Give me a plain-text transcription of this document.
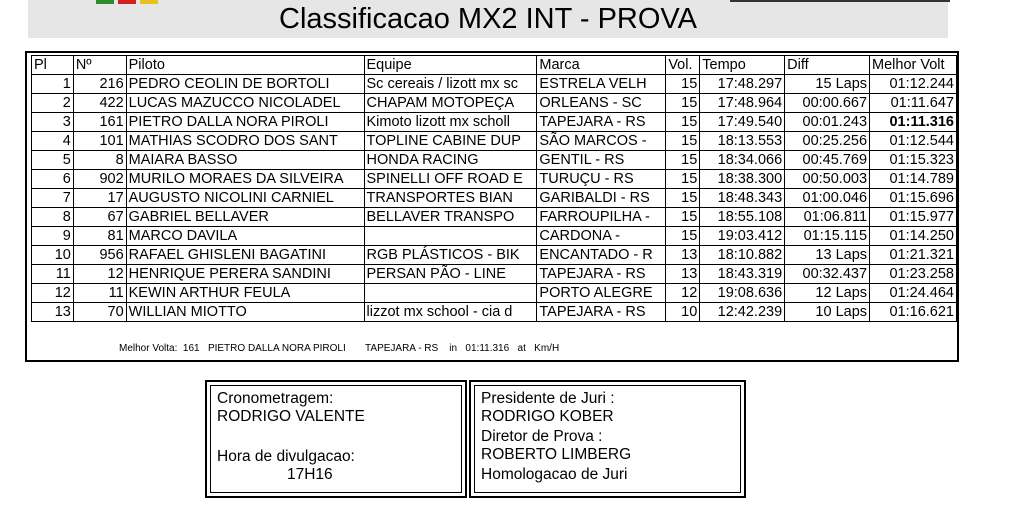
Classificacao MX2 INT - PROVA
Pl	Nº	Piloto	Equipe	Marca	Vol.	Tempo	Diff	Melhor Volt
1	216	PEDRO CEOLIN DE BORTOLI	Sc cereais / lizott mx sc	ESTRELA VELH	15	17:48.297	15 Laps	01:12.244
2	422	LUCAS MAZUCCO NICOLADEL	CHAPAM MOTOPEÇA	ORLEANS - SC	15	17:48.964	00:00.667	01:11.647
3	161	PIETRO DALLA NORA PIROLI	Kimoto lizott mx scholl	TAPEJARA - RS	15	17:49.540	00:01.243	01:11.316
4	101	MATHIAS SCODRO DOS SANT	TOPLINE CABINE DUP	SÃO MARCOS -	15	18:13.553	00:25.256	01:12.544
5	8	MAIARA BASSO	HONDA RACING	GENTIL - RS	15	18:34.066	00:45.769	01:15.323
6	902	MURILO MORAES DA SILVEIRA	SPINELLI OFF ROAD E	TURUÇU - RS	15	18:38.300	00:50.003	01:14.789
7	17	AUGUSTO NICOLINI CARNIEL	TRANSPORTES BIAN	GARIBALDI - RS	15	18:48.343	01:00.046	01:15.696
8	67	GABRIEL BELLAVER	BELLAVER TRANSPO	FARROUPILHA -	15	18:55.108	01:06.811	01:15.977
9	81	MARCO DAVILA		CARDONA -	15	19:03.412	01:15.115	01:14.250
10	956	RAFAEL GHISLENI BAGATINI	RGB PLÁSTICOS - BIK	ENCANTADO - R	13	18:10.882	13 Laps	01:21.321
11	12	HENRIQUE PERERA SANDINI	PERSAN PÃO - LINE	TAPEJARA - RS	13	18:43.319	00:32.437	01:23.258
12	11	KEWIN ARTHUR FEULA		PORTO ALEGRE	12	19:08.636	12 Laps	01:24.464
13	70	WILLIAN MIOTTO	lizzot mx school - cia d	TAPEJARA - RS	10	12:42.239	10 Laps	01:16.621
Melhor Volta:  161   PIETRO DALLA NORA PIROLI       TAPEJARA - RS    in   01:11.316   at   Km/H
Cronometragem:
RODRIGO VALENTE
Hora de divulgacao:
17H16
Presidente de Juri :
RODRIGO KOBER
Diretor de Prova :
ROBERTO LIMBERG
Homologacao de Juri
